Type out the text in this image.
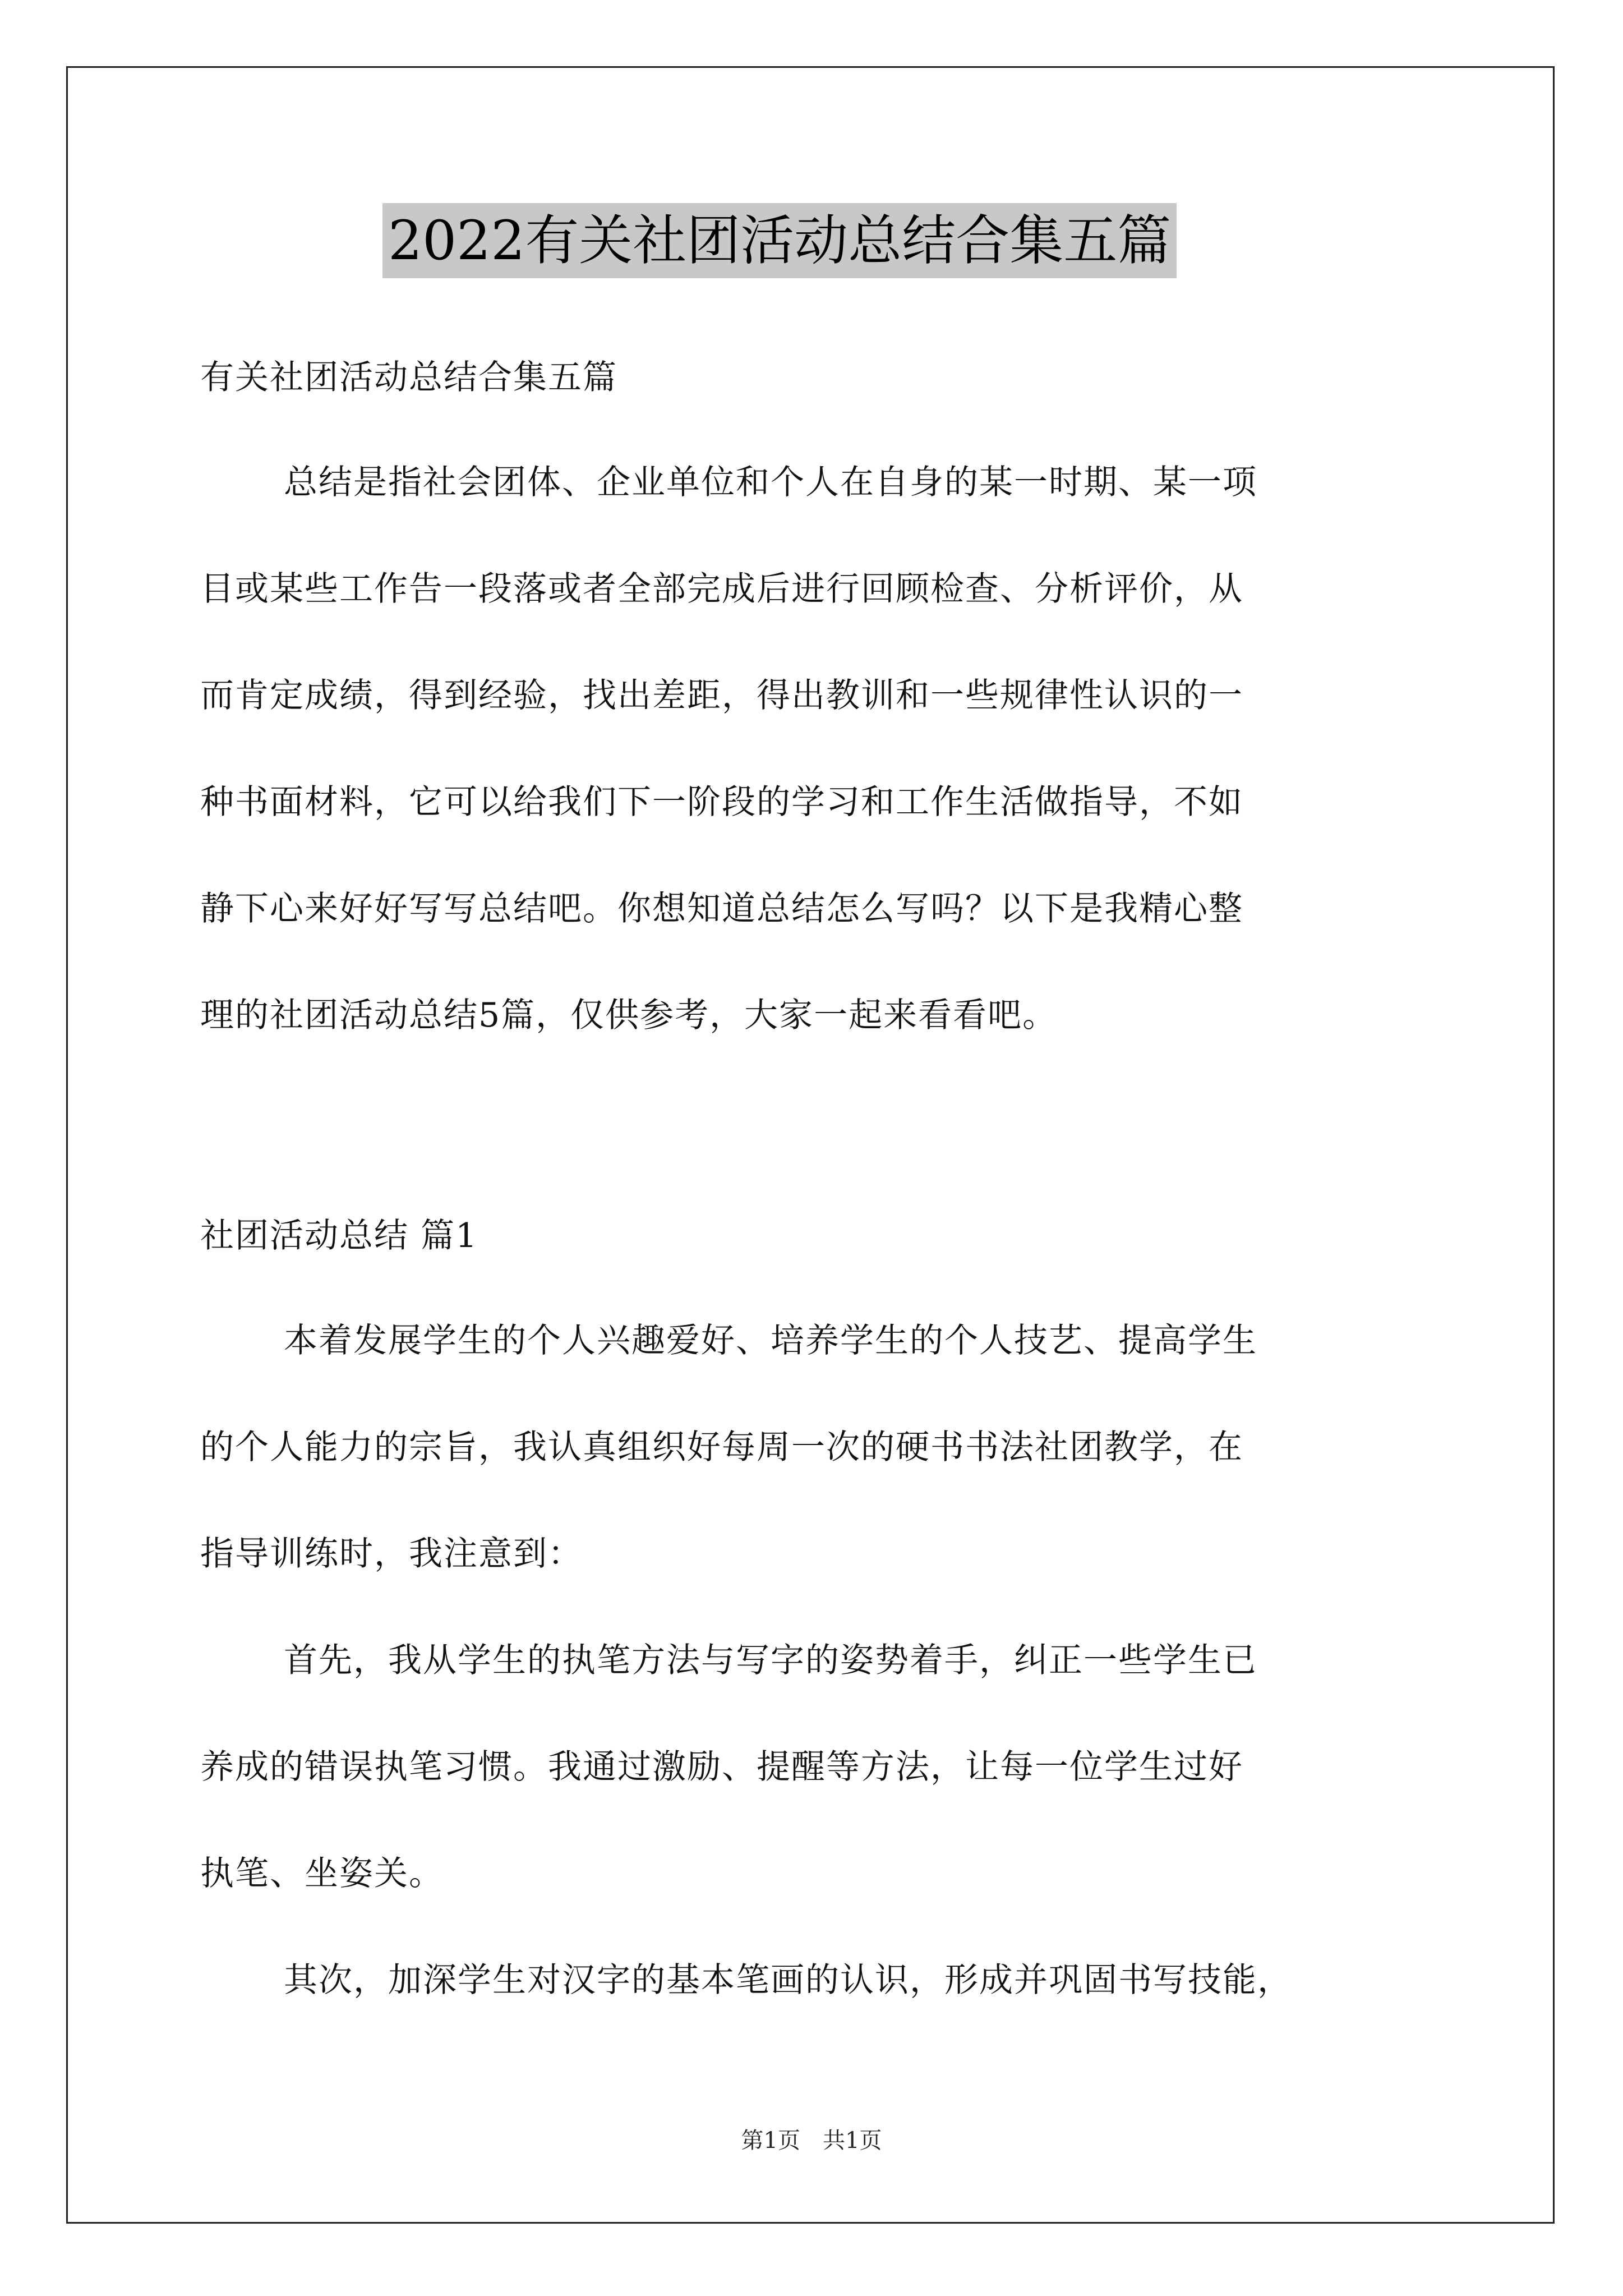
2022有关社团活动总结合集五篇
有关社团活动总结合集五篇
总结是指社会团体、企业单位和个人在自身的某一时期、某一项
目或某些工作告一段落或者全部完成后进行回顾检查、分析评价，从
而肯定成绩，得到经验，找出差距，得出教训和一些规律性认识的一
种书面材料，它可以给我们下一阶段的学习和工作生活做指导，不如
静下心来好好写写总结吧。你想知道总结怎么写吗？以下是我精心整
理的社团活动总结5篇，仅供参考，大家一起来看看吧。
社团活动总结 篇1
本着发展学生的个人兴趣爱好、培养学生的个人技艺、提高学生
的个人能力的宗旨，我认真组织好每周一次的硬书书法社团教学，在
指导训练时，我注意到：
首先，我从学生的执笔方法与写字的姿势着手，纠正一些学生已
养成的错误执笔习惯。我通过激励、提醒等方法，让每一位学生过好
执笔、坐姿关。
其次，加深学生对汉字的基本笔画的认识，形成并巩固书写技能，
第1页　共1页
